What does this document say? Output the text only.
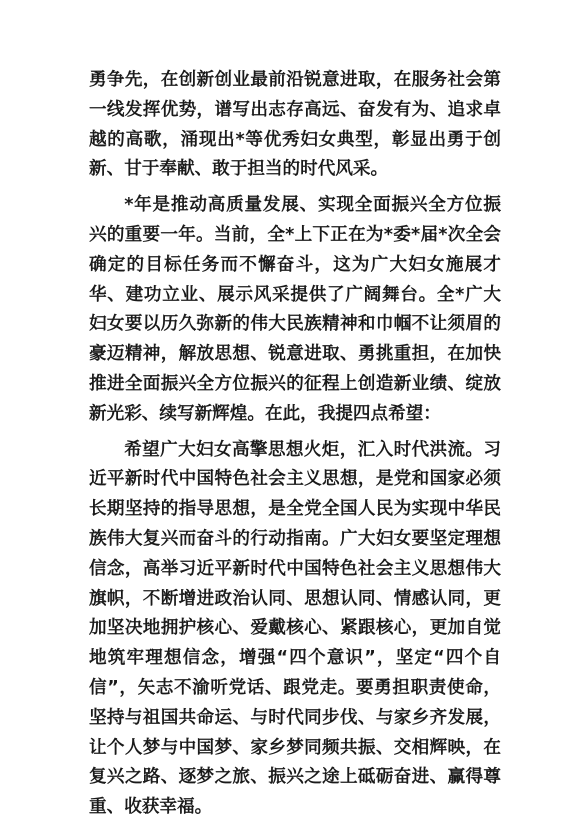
勇争先，在创新创业最前沿锐意进取，在服务社会第一线发挥优势，谱写出志存高远、奋发有为、追求卓越的高歌，涌现出*等优秀妇女典型，彰显出勇于创新、甘于奉献、敢于担当的时代风采。

*年是推动高质量发展、实现全面振兴全方位振兴的重要一年。当前，全*上下正在为*委*届*次全会确定的目标任务而不懈奋斗，这为广大妇女施展才华、建功立业、展示风采提供了广阔舞台。全*广大妇女要以历久弥新的伟大民族精神和巾帼不让须眉的豪迈精神，解放思想、锐意进取、勇挑重担，在加快推进全面振兴全方位振兴的征程上创造新业绩、绽放新光彩、续写新辉煌。在此，我提四点希望：

希望广大妇女高擎思想火炬，汇入时代洪流。习近平新时代中国特色社会主义思想，是党和国家必须长期坚持的指导思想，是全党全国人民为实现中华民族伟大复兴而奋斗的行动指南。广大妇女要坚定理想信念，高举习近平新时代中国特色社会主义思想伟大旗帜，不断增进政治认同、思想认同、情感认同，更加坚决地拥护核心、爱戴核心、紧跟核心，更加自觉地筑牢理想信念，增强“四个意识”，坚定“四个自信”，矢志不渝听党话、跟党走。要勇担职责使命，坚持与祖国共命运、与时代同步伐、与家乡齐发展，让个人梦与中国梦、家乡梦同频共振、交相辉映，在复兴之路、逐梦之旅、振兴之途上砥砺奋进、赢得尊重、收获幸福。
